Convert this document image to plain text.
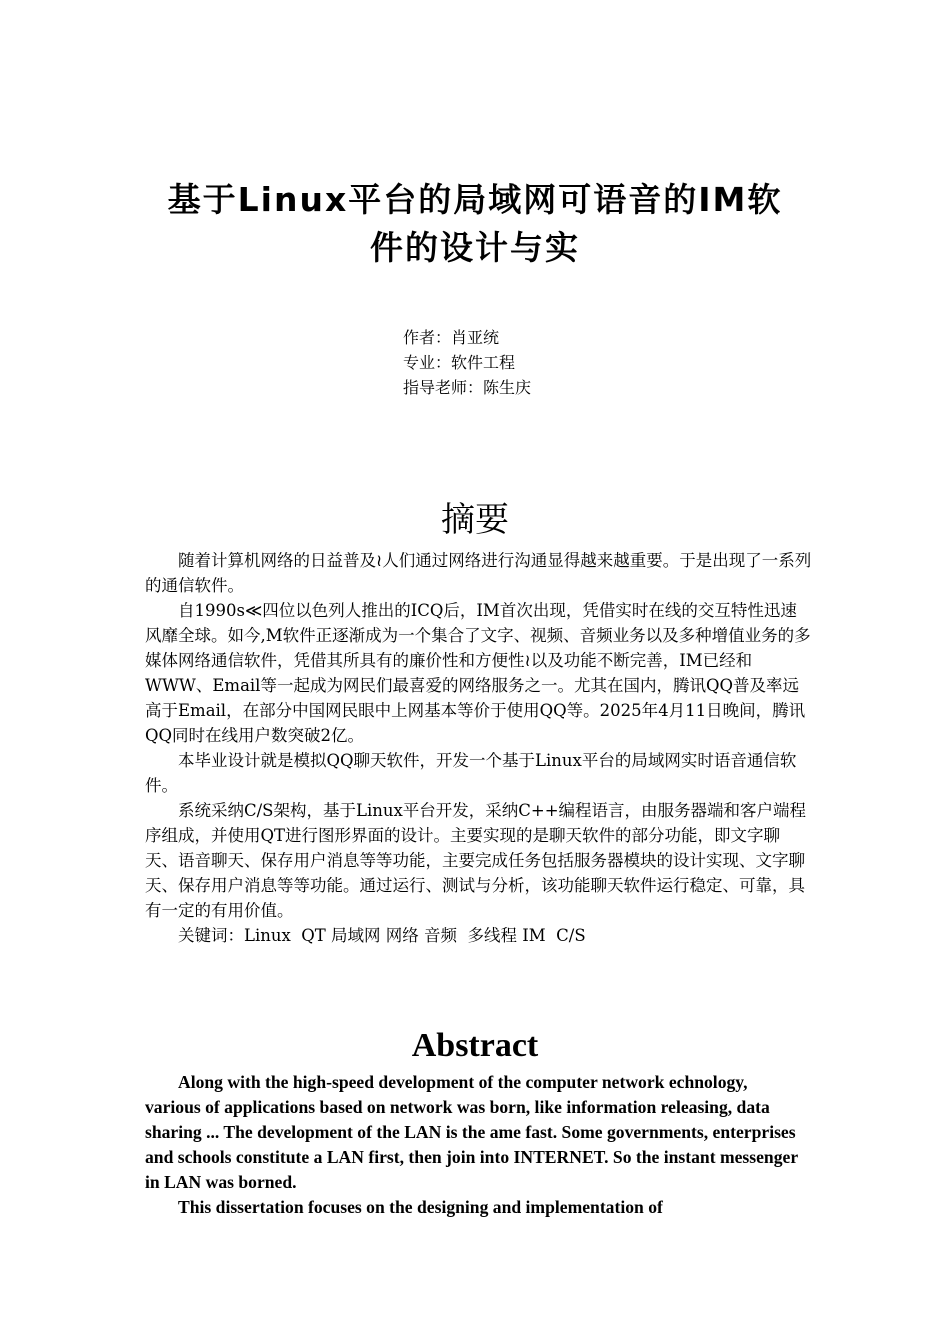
基于Linux平台的局域网可语音的IM软
件的设计与实
作者：肖亚统
专业：软件工程
指导老师：陈生庆
摘要

随着计算机网络的日益普及≀人们通过网络进行沟通显得越来越重要。于是出现了一系列的通信软件。

自1990s≪四位以色列人推出的ICQ后，IM首次出现，凭借实时在线的交互特性迅速风靡全球。如今,M软件正逐渐成为一个集合了文字、视频、音频业务以及多种增值业务的多媒体网络通信软件，凭借其所具有的廉价性和方便性≀以及功能不断完善，IM已经和WWW、Email等一起成为网民们最喜爱的网络服务之一。尤其在国内，腾讯QQ普及率远高于Email，在部分中国网民眼中上网基本等价于使用QQ等。2025年4月11日晚间，腾讯QQ同时在线用户数突破2亿。

本毕业设计就是模拟QQ聊天软件，开发一个基于Linux平台的局域网实时语音通信软件。

系统采纳C/S架构，基于Linux平台开发，采纳C++编程语言，由服务器端和客户端程序组成，并使用QT进行图形界面的设计。主要实现的是聊天软件的部分功能，即文字聊天、语音聊天、保存用户消息等等功能，主要完成任务包括服务器模块的设计实现、文字聊天、保存用户消息等等功能。通过运行、测试与分析，该功能聊天软件运行稳定、可靠，具有一定的有用价值。

关键词：Linux  QT 局域网 网络 音频  多线程 IM  C/S

Abstract

Along with the high-speed development of the computer network echnology, various of applications based on network was born, like information releasing, data sharing ... The development of the LAN is the ame fast. Some governments, enterprises and schools constitute a LAN first, then join into INTERNET. So the instant messenger in LAN was borned.

This dissertation focuses on the designing and implementation of
